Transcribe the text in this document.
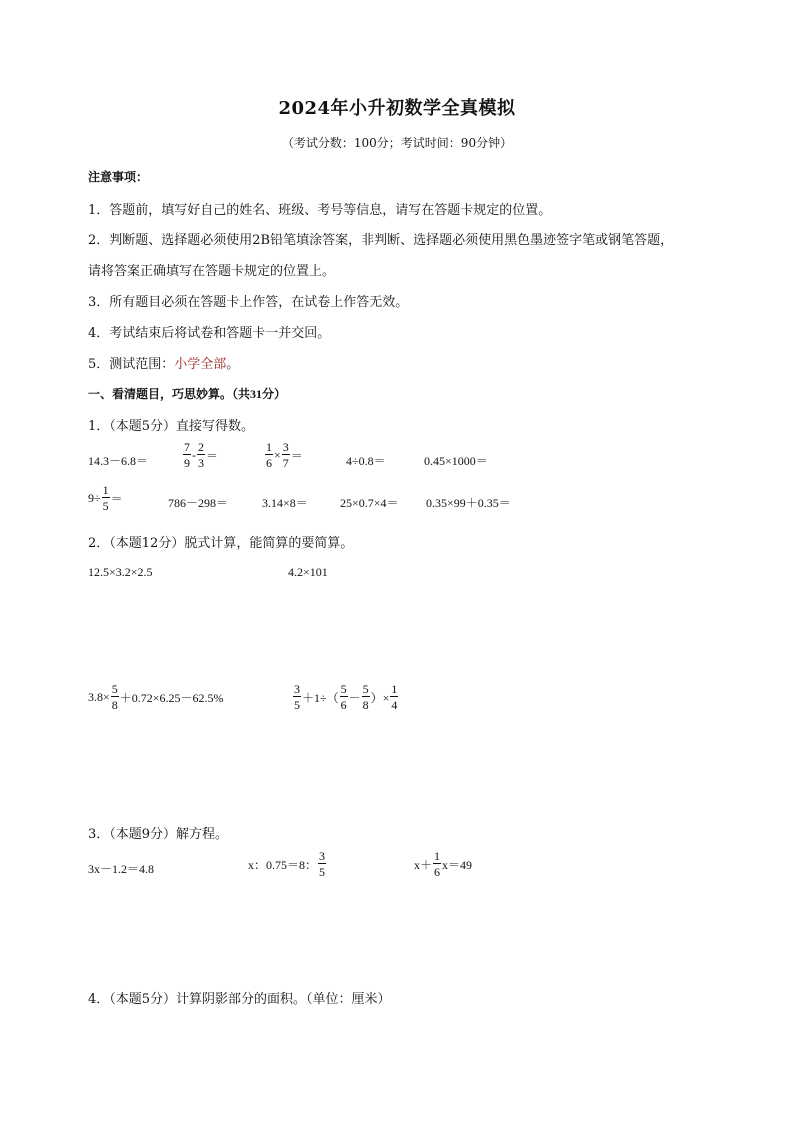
2024年小升初数学全真模拟
（考试分数：100分；考试时间：90分钟）
注意事项：
1．答题前，填写好自己的姓名、班级、考号等信息，请写在答题卡规定的位置。
2．判断题、选择题必须使用2B铅笔填涂答案，非判断、选择题必须使用黑色墨迹签字笔或钢笔答题，
请将答案正确填写在答题卡规定的位置上。
3．所有题目必须在答题卡上作答，在试卷上作答无效。
4．考试结束后将试卷和答题卡一并交回。
5．测试范围：小学全部。
一、看清题目，巧思妙算。（共31分）
1．（本题5分）直接写得数。
14.3－6.8＝	$\frac{7}{9} - \frac{2}{3}$ ＝	$\frac{1}{6} \times \frac{3}{7}$ ＝	4÷0.8＝	0.45×1000＝
$9\div \frac{1}{5}$ ＝	786－298＝	3.14×8＝	25×0.7×4＝ 0.35×99＋0.35＝
2．（本题12分）脱式计算，能简算的要简算。
12.5×3.2×2.5	4.2×101
$3.8\times \frac{5}{8} +0.72\times 6.25-62.5\%$	$\frac{3}{5} +1\div( \frac{5}{6} - \frac{5}{8}$ ）× $\frac{1}{4}$
3．（本题9分）解方程。
3x－1.2＝4.8	x：0.75＝8： $\frac{3}{5}$	$x+ \frac{1}{6} x=49$
4．（本题5分）计算阴影部分的面积。（单位：厘米）
